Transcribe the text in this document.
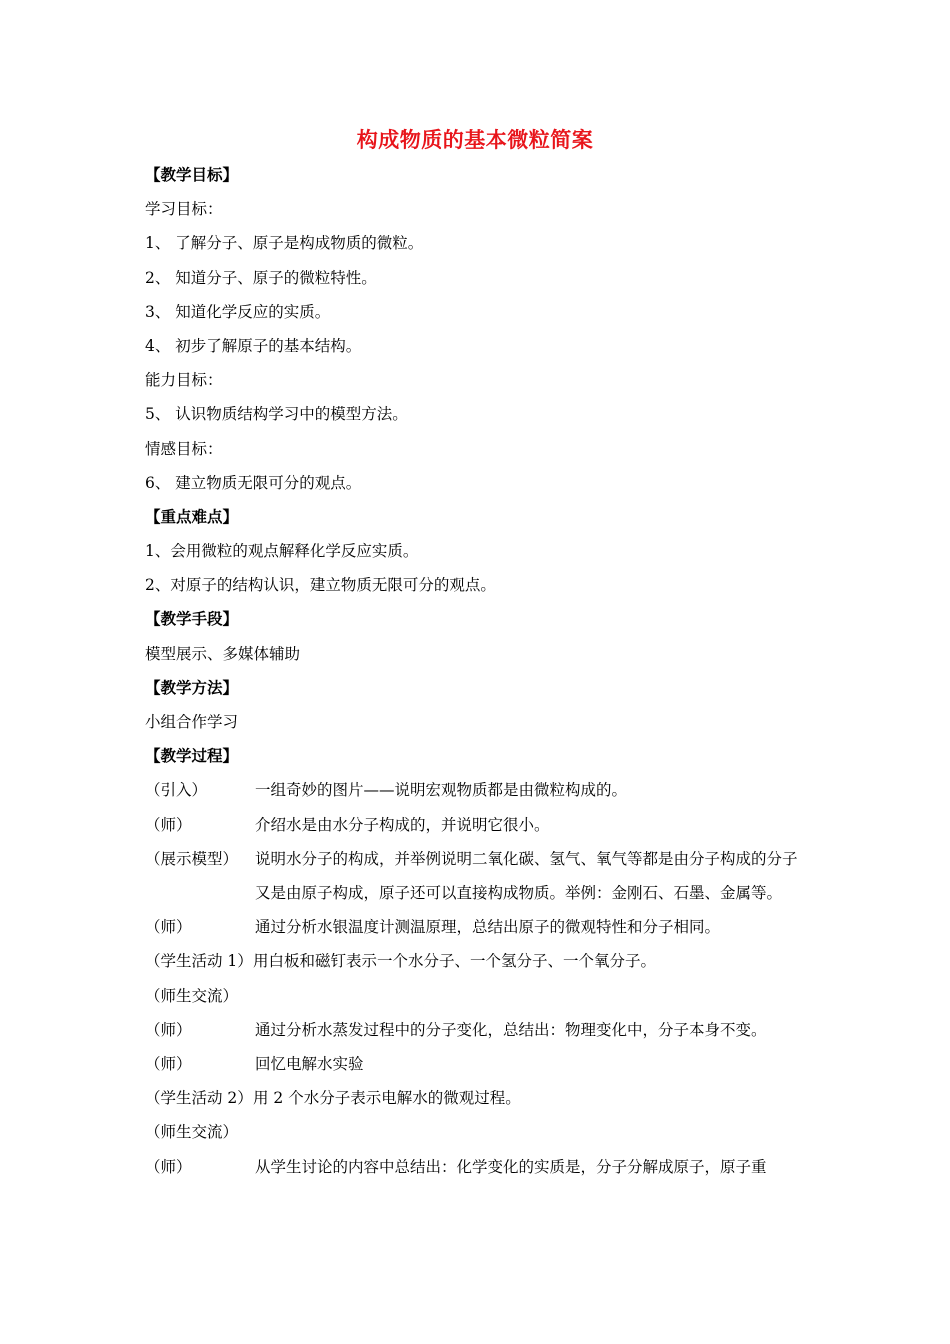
构成物质的基本微粒简案
【教学目标】
学习目标：
1、 了解分子、原子是构成物质的微粒。
2、 知道分子、原子的微粒特性。
3、 知道化学反应的实质。
4、 初步了解原子的基本结构。
能力目标：
5、 认识物质结构学习中的模型方法。
情感目标：
6、 建立物质无限可分的观点。
【重点难点】
1、会用微粒的观点解释化学反应实质。
2、对原子的结构认识，建立物质无限可分的观点。
【教学手段】
模型展示、多媒体辅助
【教学方法】
小组合作学习
【教学过程】
（引入）	一组奇妙的图片——说明宏观物质都是由微粒构成的。
（师）	介绍水是由水分子构成的，并说明它很小。
（展示模型）	说明水分子的构成，并举例说明二氧化碳、氢气、氧气等都是由分子构成的分子又是由原子构成，原子还可以直接构成物质。举例：金刚石、石墨、金属等。
（师）	通过分析水银温度计测温原理，总结出原子的微观特性和分子相同。
（学生活动 1） 用白板和磁钉表示一个水分子、一个氢分子、一个氧分子。
（师生交流）
（师）	通过分析水蒸发过程中的分子变化，总结出：物理变化中，分子本身不变。
（师）	回忆电解水实验
（学生活动 2） 用 2 个水分子表示电解水的微观过程。
（师生交流）
（师）	从学生讨论的内容中总结出：化学变化的实质是，分子分解成原子，原子重
